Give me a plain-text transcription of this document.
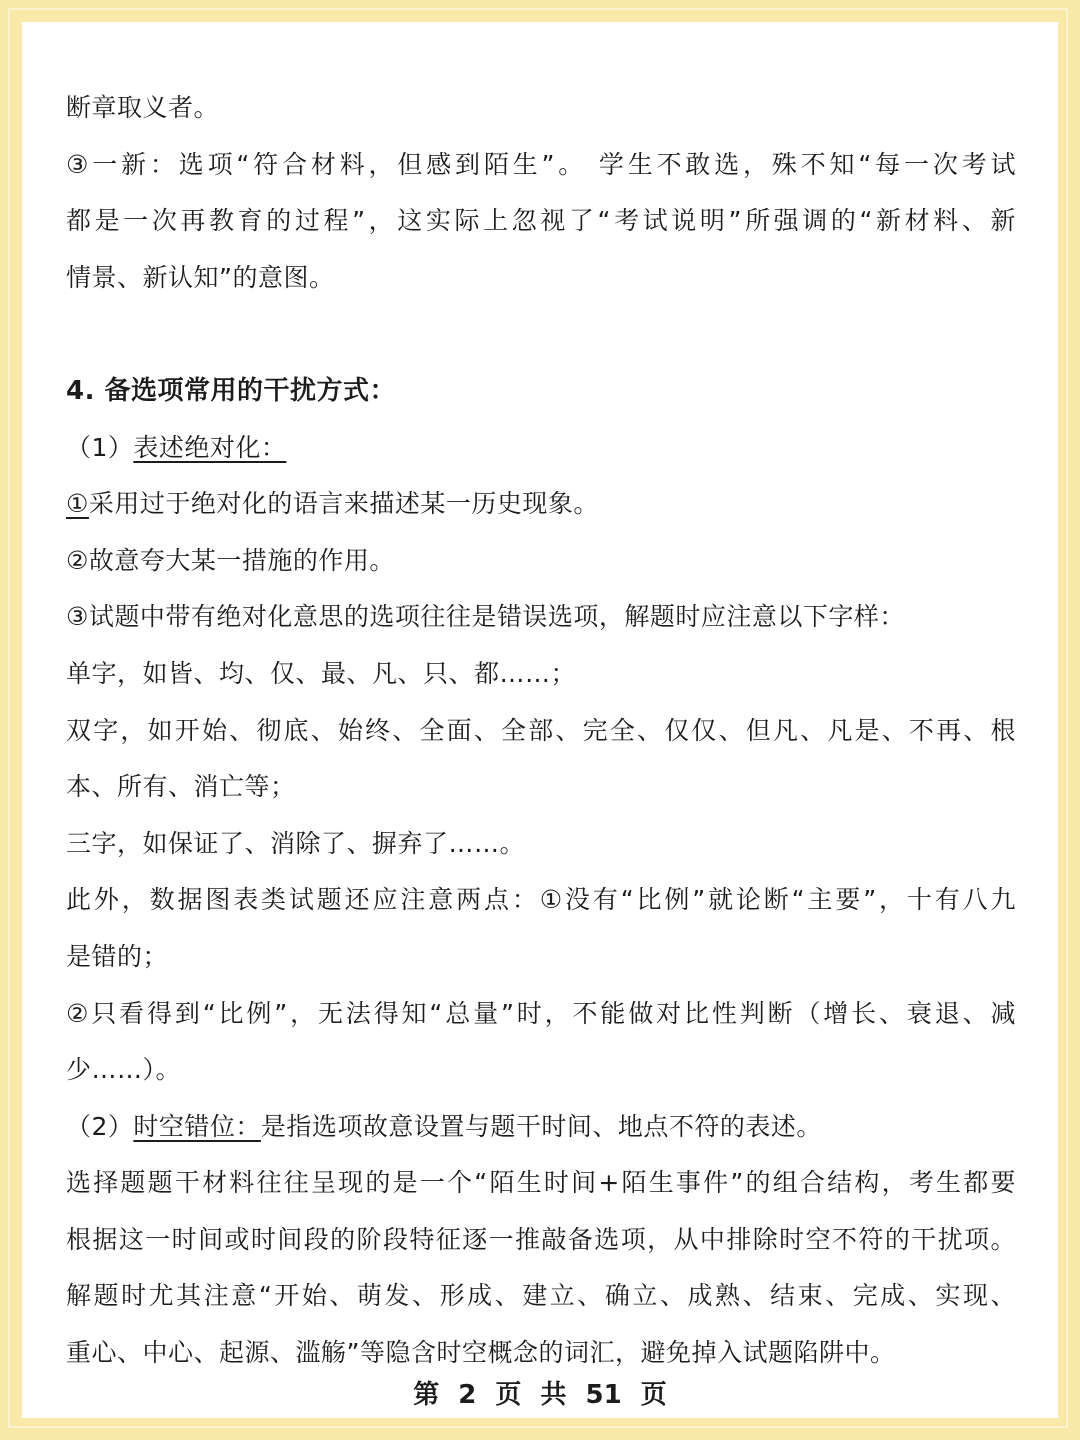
断章取义者。
③一新：选项“符合材料，但感到陌生”。 学生不敢选，殊不知“每一次考试
都是一次再教育的过程”，这实际上忽视了“考试说明”所强调的“新材料、新
情景、新认知”的意图。
4. 备选项常用的干扰方式：
（1）表述绝对化：
①采用过于绝对化的语言来描述某一历史现象。
②故意夸大某一措施的作用。
③试题中带有绝对化意思的选项往往是错误选项，解题时应注意以下字样：
单字，如皆、均、仅、最、凡、只、都……；
双字，如开始、彻底、始终、全面、全部、完全、仅仅、但凡、凡是、不再、根
本、所有、消亡等；
三字，如保证了、消除了、摒弃了……。
此外，数据图表类试题还应注意两点：①没有“比例”就论断“主要”，十有八九
是错的；
②只看得到“比例”，无法得知“总量”时，不能做对比性判断（增长、衰退、减
少……）。
（2）时空错位：是指选项故意设置与题干时间、地点不符的表述。
选择题题干材料往往呈现的是一个“陌生时间+陌生事件”的组合结构，考生都要
根据这一时间或时间段的阶段特征逐一推敲备选项，从中排除时空不符的干扰项。
解题时尤其注意“开始、萌发、形成、建立、确立、成熟、结束、完成、实现、
重心、中心、起源、滥觞”等隐含时空概念的词汇，避免掉入试题陷阱中。
第 2 页 共 51 页
